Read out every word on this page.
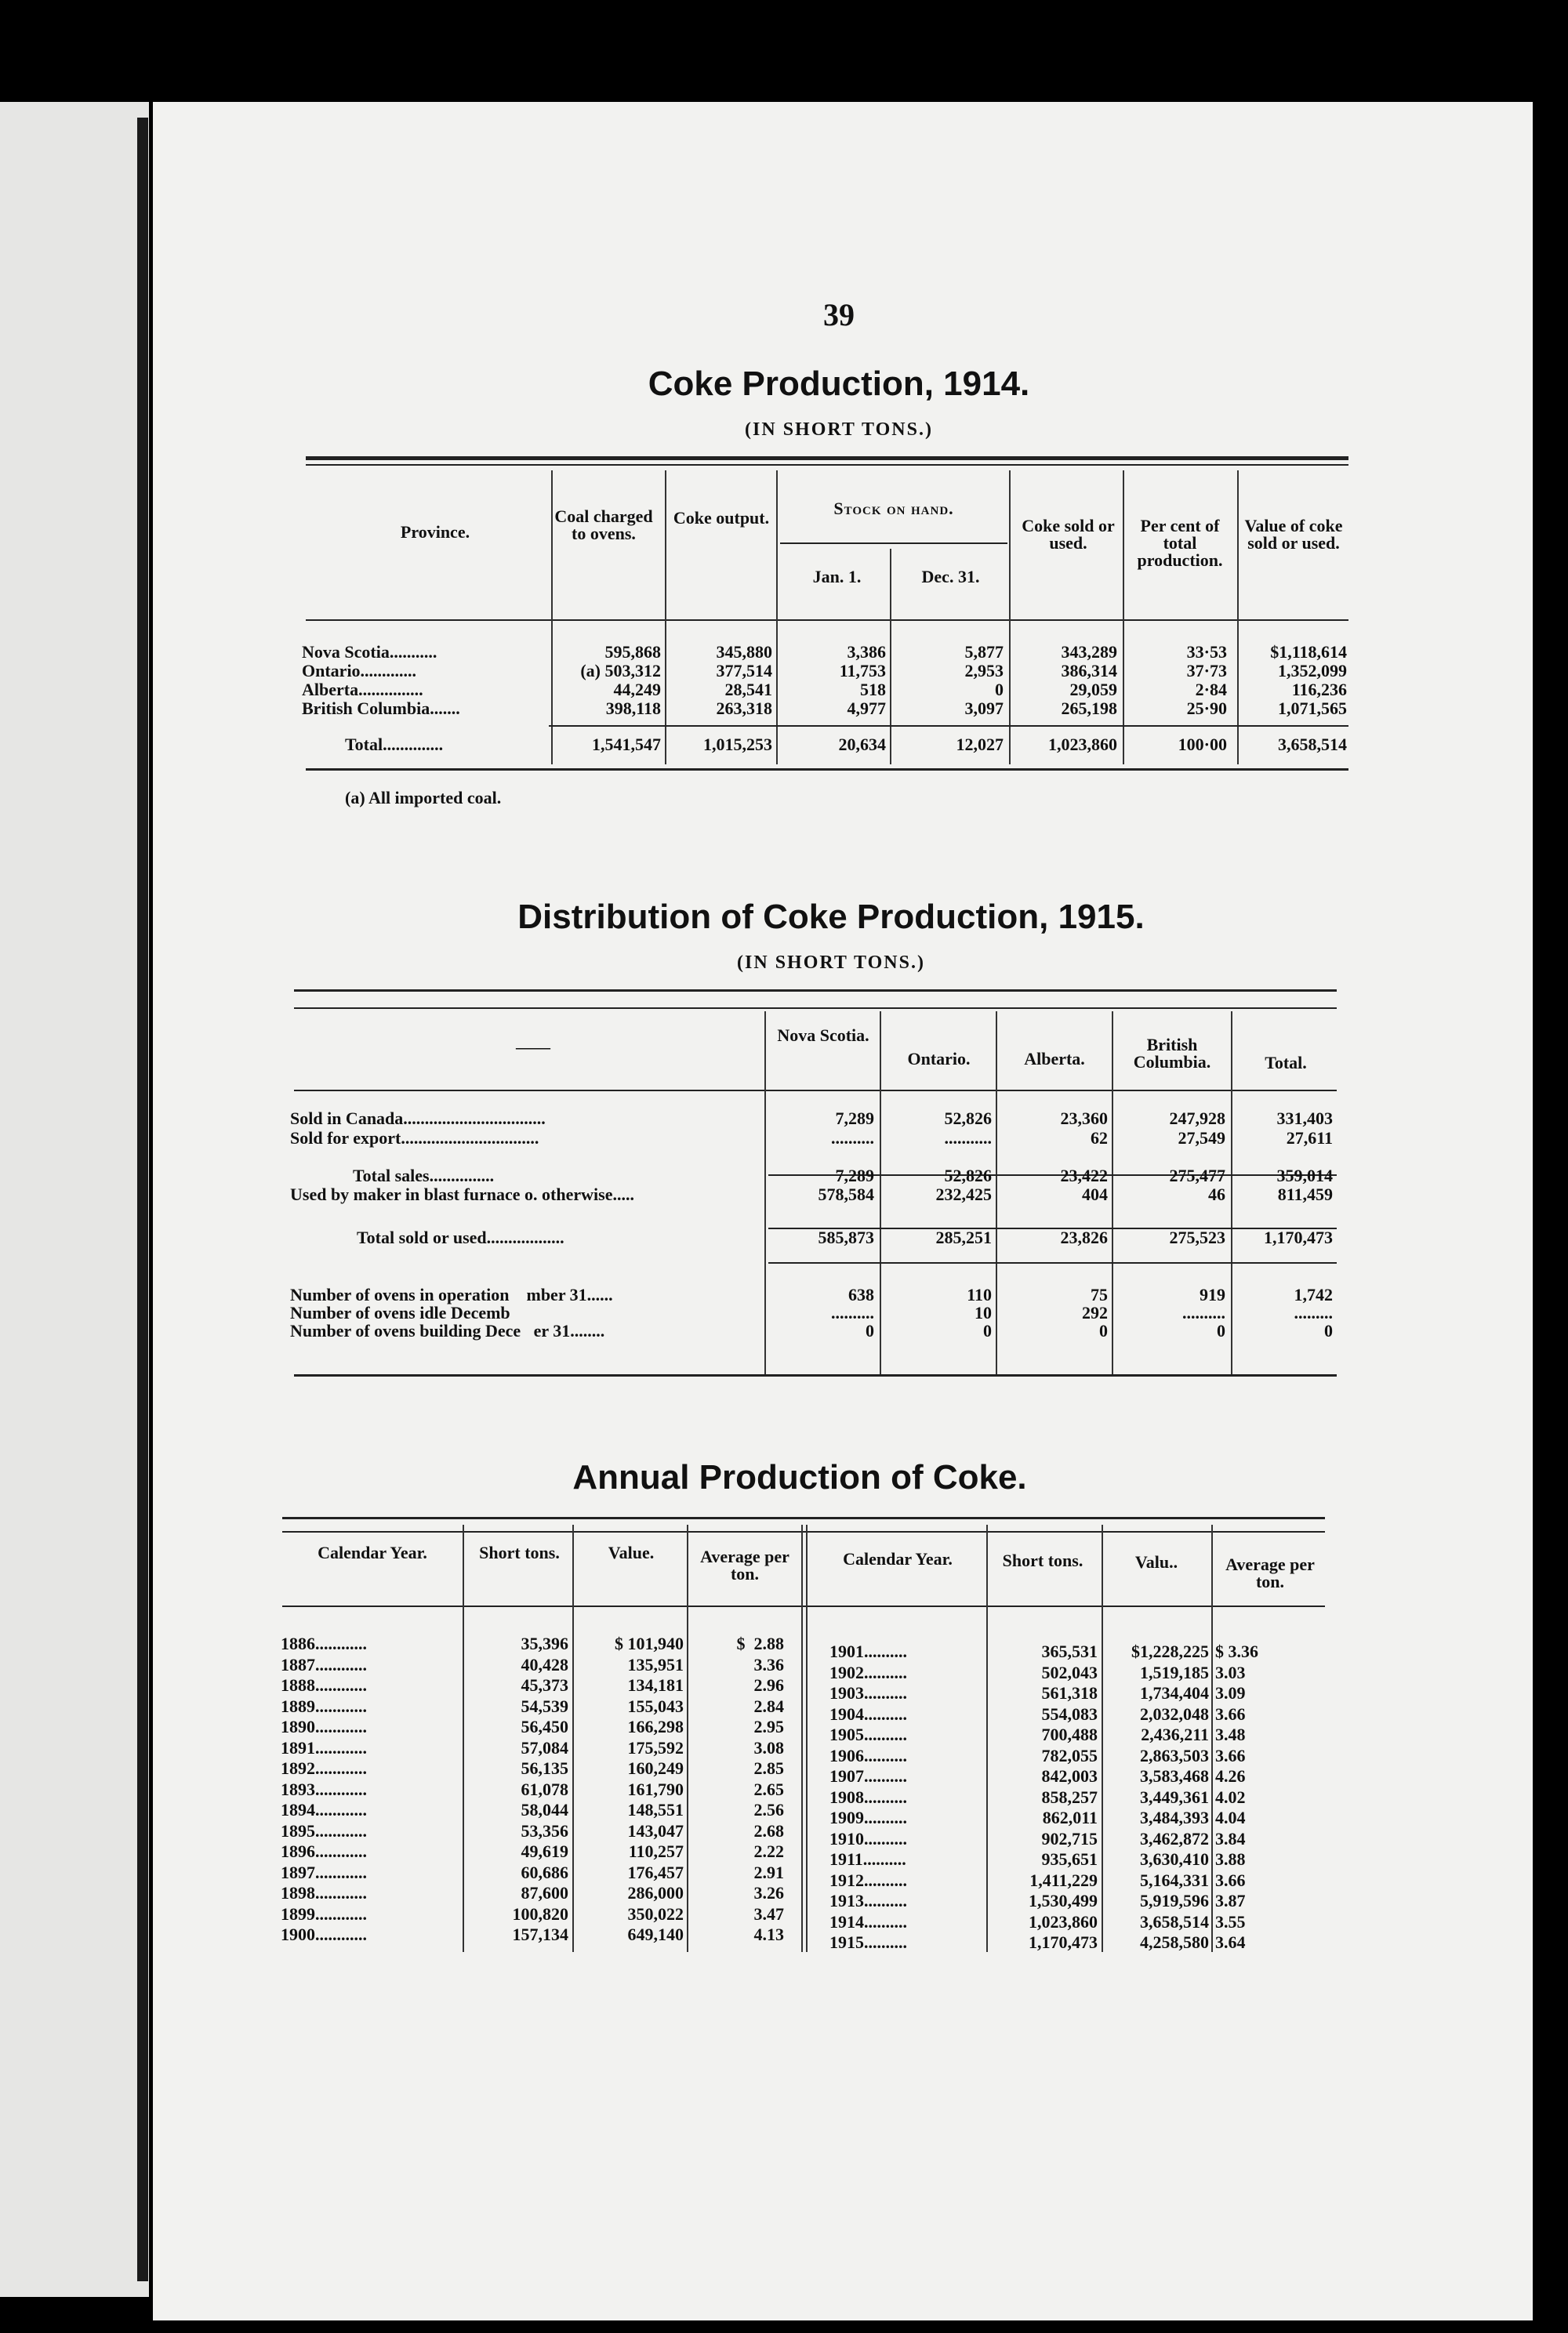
39
Coke Production, 1914.
(IN SHORT TONS.)
Province.
Coal charged to ovens.
Coke output.	Stock on hand.
Jan. 1.	Dec. 31.
Coke sold or used.
Per cent of total production.
Value of coke sold or used.
Nova Scotia...........	595,868	345,880	3,386	5,877	343,289	33·53	$1,118,614
Ontario.............	(a) 503,312	377,514	11,753	2,953	386,314	37·73	1,352,099
Alberta...............	44,249	28,541	518	0	29,059	2·84	116,236
British Columbia.......	398,118	263,318	4,977	3,097	265,198	25·90	1,071,565
Total..............	1,541,547	1,015,253	20,634	12,027	1,023,860	100·00	3,658,514
(a) All imported coal.
Distribution of Coke Production, 1915.
(IN SHORT TONS.)
——
Nova Scotia.
Ontario.	Alberta.
British Columbia.	Total.
Sold in Canada.................................	7,289	52,826	23,360	247,928	331,403
Sold for export................................	..........	...........	62	27,549	27,611
Total sales...............	7,289	52,826	23,422	275,477	359,014
Used by maker in blast furnace o. otherwise.....	578,584	232,425	404	46	811,459
Total sold or used..................	585,873	285,251	23,826	275,523	1,170,473
Number of ovens in operation    mber 31......	638	110	75	919	1,742
Number of ovens idle Decemb	..........	10	292	..........	.........
Number of ovens building Dece   er 31........	0	0	0	0	0
Annual Production of Coke.
Calendar Year.	Short tons.	Value.	Average per ton.
Calendar Year.	Short tons.	Valu..	Average per ton.
1886............	35,396	$ 101,940	$  2.88
1887............	40,428	135,951	3.36
1888............	45,373	134,181	2.96
1889............	54,539	155,043	2.84
1890............	56,450	166,298	2.95
1891............	57,084	175,592	3.08
1892............	56,135	160,249	2.85
1893............	61,078	161,790	2.65
1894............	58,044	148,551	2.56
1895............	53,356	143,047	2.68
1896............	49,619	110,257	2.22
1897............	60,686	176,457	2.91
1898............	87,600	286,000	3.26
1899............	100,820	350,022	3.47
1900............	157,134	649,140	4.13
1901..........	365,531	$1,228,225 $ 3.36
1902..........	502,043	1,519,185 3.03
1903..........	561,318	1,734,404 3.09
1904..........	554,083	2,032,048 3.66
1905..........	700,488	2,436,211 3.48
1906..........	782,055	2,863,503 3.66
1907..........	842,003	3,583,468 4.26
1908..........	858,257	3,449,361 4.02
1909..........	862,011	3,484,393 4.04
1910..........	902,715	3,462,872 3.84
1911..........	935,651	3,630,410 3.88
1912..........	1,411,229	5,164,331 3.66
1913..........	1,530,499	5,919,596 3.87
1914..........	1,023,860	3,658,514 3.55
1915..........	1,170,473	4,258,580 3.64
